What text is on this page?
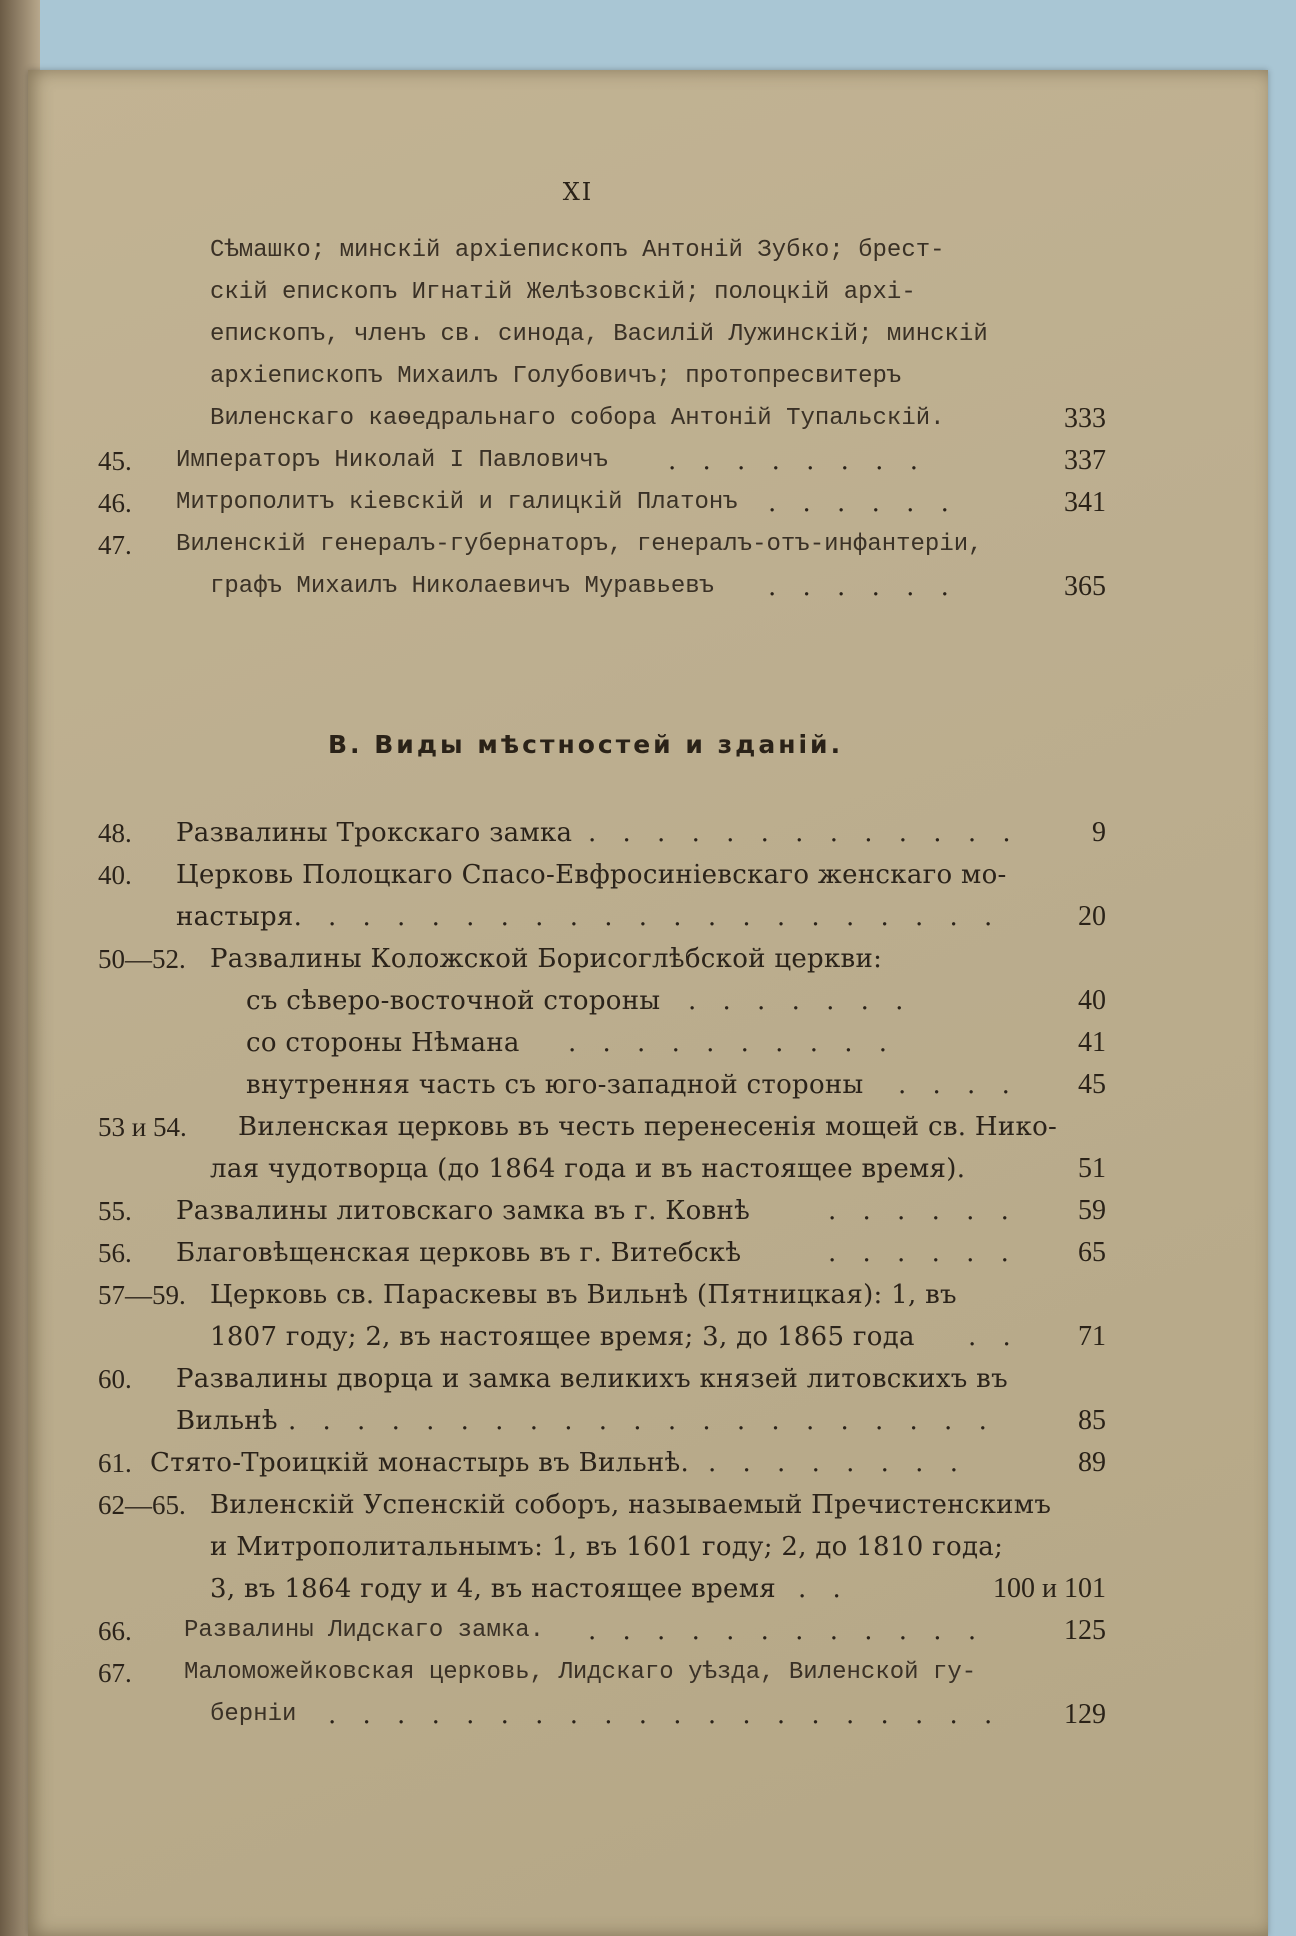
XI
Сѣмашко; минскій архіепископъ Антоній Зубко; брест-
скій епископъ Игнатій Желѣзовскій; полоцкій архі-
епископъ, членъ св. синода, Василій Лужинскій; минскій
архіепископъ Михаилъ Голубовичъ; протопресвитеръ
Виленскаго каѳедральнаго собора Антоній Тупальскій.	333
45. Императоръ Николай I Павловичъ . . . . . . . .	337
46. Митрополитъ кіевскій и галицкій Платонъ . . . . . .	341
47. Виленскій генералъ-губернаторъ, генералъ-отъ-инфантеріи,
графъ Михаилъ Николаевичъ Муравьевъ . . . . . .	365
В. Виды мѣстностей и зданій.
48. Развалины Трокскаго замка . . . . . . . . . . . . .	9
40. Церковь Полоцкаго Спасо-Евфросиніевскаго женскаго мо-
настыря. . . . . . . . . . . . . . . . . . . . .	20
50—52. Развалины Коложской Борисоглѣбской церкви:
съ сѣверо-восточной стороны . . . . . . .	40
со стороны Нѣмана . . . . . . . . . .	41
внутренняя часть съ юго-западной стороны . . . . 45
53 и 54. Виленская церковь въ честь перенесенія мощей св. Нико-
лая чудотворца (до 1864 года и въ настоящее время).	51
55. Развалины литовскаго замка въ г. Ковнѣ	. . . . . . 59
56. Благовѣщенская церковь въ г. Витебскѣ	. . . . . . 65
57—59. Церковь св. Параскевы въ Вильнѣ (Пятницкая): 1, въ
1807 году; 2, въ настоящее время; 3, до 1865 года . . 71
60. Развалины дворца и замка великихъ князей литовскихъ въ
Вильнѣ . . . . . . . . . . . . . . . . . . . . .	85
61. Стято-Троицкій монастырь въ Вильнѣ. . . . . . . . .	89
62—65. Виленскій Успенскій соборъ, называемый Пречистенскимъ
и Митрополитальнымъ: 1, въ 1601 году; 2, до 1810 года;
3, въ 1864 году и 4, въ настоящее время . .	100 и 101
66. Развалины Лидскаго замка. . . . . . . . . . . . .	125
67. Маломожейковская церковь, Лидскаго уѣзда, Виленской гу-
берніи . . . . . . . . . . . . . . . . . . . . 129
